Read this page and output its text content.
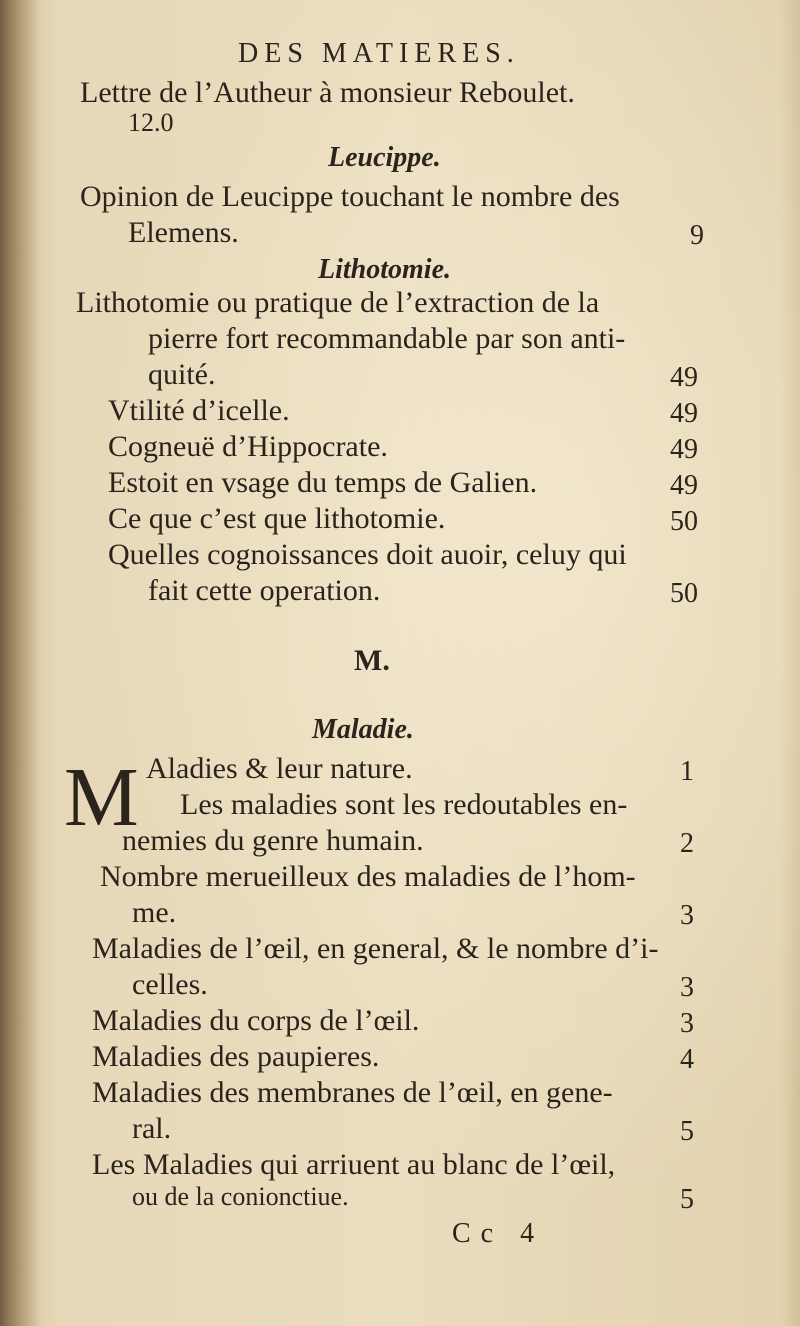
DES MATIERES.
Lettre de l’Autheur à monsieur Reboulet.
12.0
Leucippe.
Opinion de Leucippe touchant le nombre des
Elemens.	9
Lithotomie.
Lithotomie ou pratique de l’extraction de la
pierre fort recommandable par son anti-
quité.	49
Vtilité d’icelle.	49
Cogneuë d’Hippocrate.	49
Estoit en vsage du temps de Galien.	49
Ce que c’est que lithotomie.	50
Quelles cognoissances doit auoir, celuy qui
fait cette operation.	50
M.
Maladie.
M Aladies & leur nature.	1
Les maladies sont les redoutables en-
nemies du genre humain.	2
Nombre merueilleux des maladies de l’hom-
me.	3
Maladies de l’œil, en general, & le nombre d’i-
celles.	3
Maladies du corps de l’œil.	3
Maladies des paupieres.	4
Maladies des membranes de l’œil, en gene-
ral.	5
Les Maladies qui arriuent au blanc de l’œil,
ou de la conionctiue.	5
Cc 4
